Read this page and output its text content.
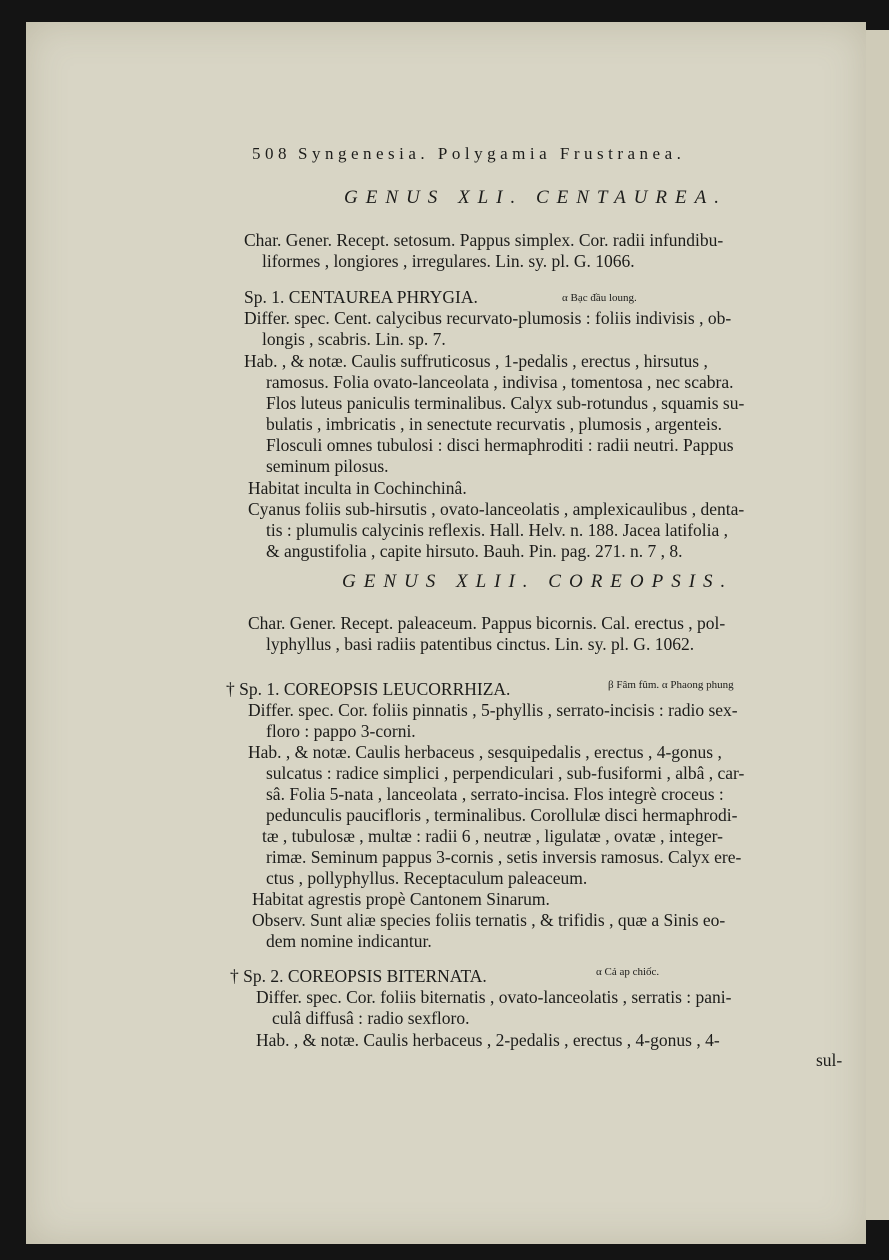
508 Syngenesia. Polygamia Frustranea.
GENUS XLI. CENTAUREA.
Char. Gener. Recept. setosum. Pappus simplex. Cor. radii infundibu-
liformes , longiores , irregulares. Lin. sy. pl. G. 1066.
Sp. 1. CENTAUREA PHRYGIA.	α Bạc đầu loung.
Differ. spec. Cent. calycibus recurvato-plumosis : foliis indivisis , ob-
longis , scabris. Lin. sp. 7.
Hab. , & notæ. Caulis suffruticosus , 1-pedalis , erectus , hirsutus ,
ramosus. Folia ovato-lanceolata , indivisa , tomentosa , nec scabra.
Flos luteus paniculis terminalibus. Calyx sub-rotundus , squamis su-
bulatis , imbricatis , in senectute recurvatis , plumosis , argenteis.
Flosculi omnes tubulosi : disci hermaphroditi : radii neutri. Pappus
seminum pilosus.
Habitat inculta in Cochinchinâ.
Cyanus foliis sub-hirsutis , ovato-lanceolatis , amplexicaulibus , denta-
tis : plumulis calycinis reflexis. Hall. Helv. n. 188. Jacea latifolia ,
& angustifolia , capite hirsuto. Bauh. Pin. pag. 271. n. 7 , 8.
GENUS XLII. COREOPSIS.
Char. Gener. Recept. paleaceum. Pappus bicornis. Cal. erectus , pol-
lyphyllus , basi radiis patentibus cinctus. Lin. sy. pl. G. 1062.
† Sp. 1. COREOPSIS LEUCORRHIZA.	β Fâm fûm. α Phaong phung
Differ. spec. Cor. foliis pinnatis , 5-phyllis , serrato-incisis : radio sex-
floro : pappo 3-corni.
Hab. , & notæ. Caulis herbaceus , sesquipedalis , erectus , 4-gonus ,
sulcatus : radice simplici , perpendiculari , sub-fusiformi , albâ , car-
sâ. Folia 5-nata , lanceolata , serrato-incisa. Flos integrè croceus :
pedunculis paucifloris , terminalibus. Corollulæ disci hermaphrodi-
tæ , tubulosæ , multæ : radii 6 , neutræ , ligulatæ , ovatæ , integer-
rimæ. Seminum pappus 3-cornis , setis inversis ramosus. Calyx ere-
ctus , pollyphyllus. Receptaculum paleaceum.
Habitat agrestis propè Cantonem Sinarum.
Observ. Sunt aliæ species foliis ternatis , & trifidis , quæ a Sinis eo-
dem nomine indicantur.
† Sp. 2. COREOPSIS BITERNATA.	α Cả ap chiốc.
Differ. spec. Cor. foliis biternatis , ovato-lanceolatis , serratis : pani-
culâ diffusâ : radio sexfloro.
Hab. , & notæ. Caulis herbaceus , 2-pedalis , erectus , 4-gonus , 4-
sul-
